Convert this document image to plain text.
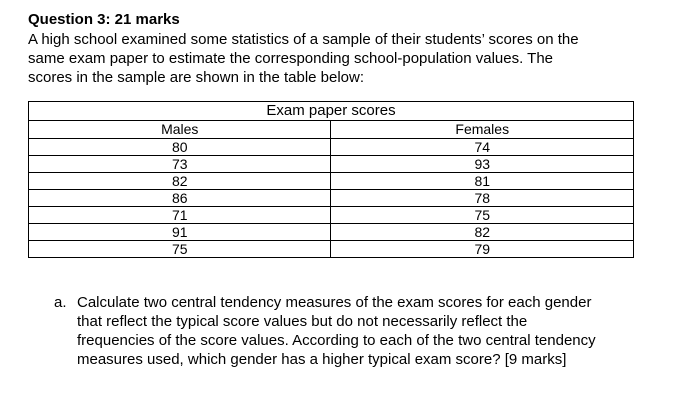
Question 3: 21 marks
A high school examined some statistics of a sample of their students’ scores on the
same exam paper to estimate the corresponding school-population values. The
scores in the sample are shown in the table below:
Exam paper scores	
Males	Females
80	74
73	93
82	81
86	78
71	75
91	82
75	79
a. Calculate two central tendency measures of the exam scores for each gender
that reflect the typical score values but do not necessarily reflect the
frequencies of the score values. According to each of the two central tendency
measures used, which gender has a higher typical exam score? [9 marks]
